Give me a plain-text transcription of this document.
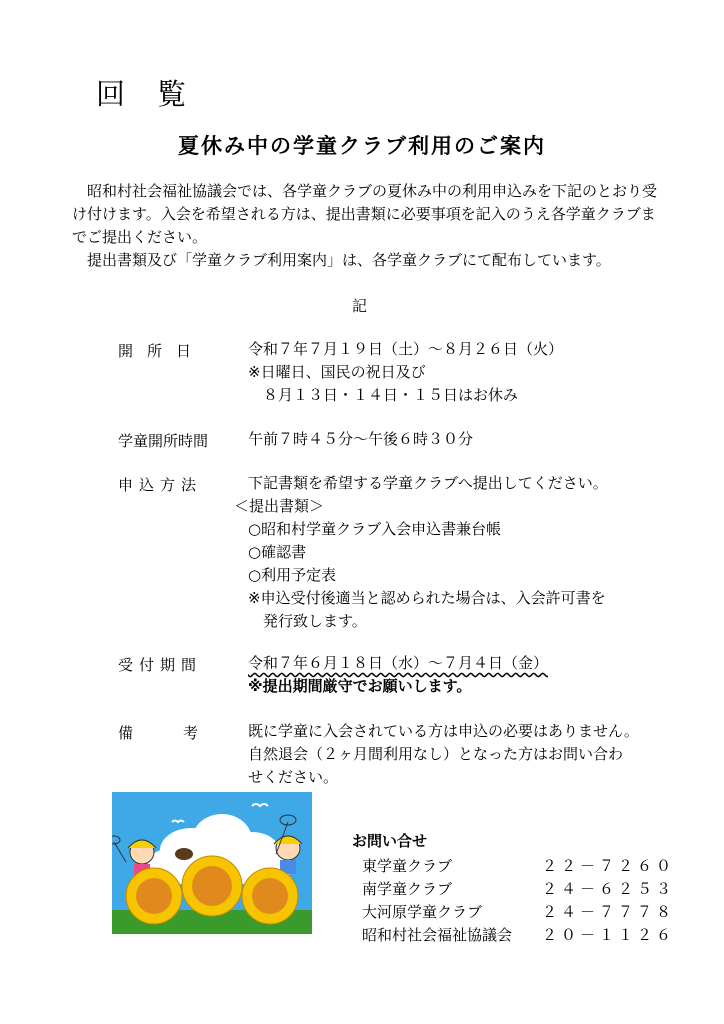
回覧
夏休み中の学童クラブ利用のご案内

昭和村社会福祉協議会では、各学童クラブの夏休み中の利用申込みを下記のとおり受け付けます。入会を希望される方は、提出書類に必要事項を記入のうえ各学童クラブまでご提出ください。

提出書類及び「学童クラブ利用案内」は、各学童クラブにて配布しています。

記
開所日	令和７年７月１９日（土）～８月２６日（火）
※日曜日、国民の祝日及び
８月１３日・１４日・１５日はお休み
学童開所時間	午前７時４５分～午後６時３０分
申込方法	下記書類を希望する学童クラブへ提出してください。
＜提出書類＞
○昭和村学童クラブ入会申込書兼台帳
○確認書
○利用予定表
※申込受付後適当と認められた場合は、入会許可書を
発行致します。
受付期間	令和７年６月１８日（水）～７月４日（金）
※提出期間厳守でお願いします。
備考 既に学童に入会されている方は申込の必要はありません。
自然退会（２ヶ月間利用なし）となった方はお問い合わ
せください。
お問い合せ
東学童クラブ	２２－７２６０
南学童クラブ	２４－６２５３
大河原学童クラブ	２４－７７７８
昭和村社会福祉協議会	２０－１１２６
